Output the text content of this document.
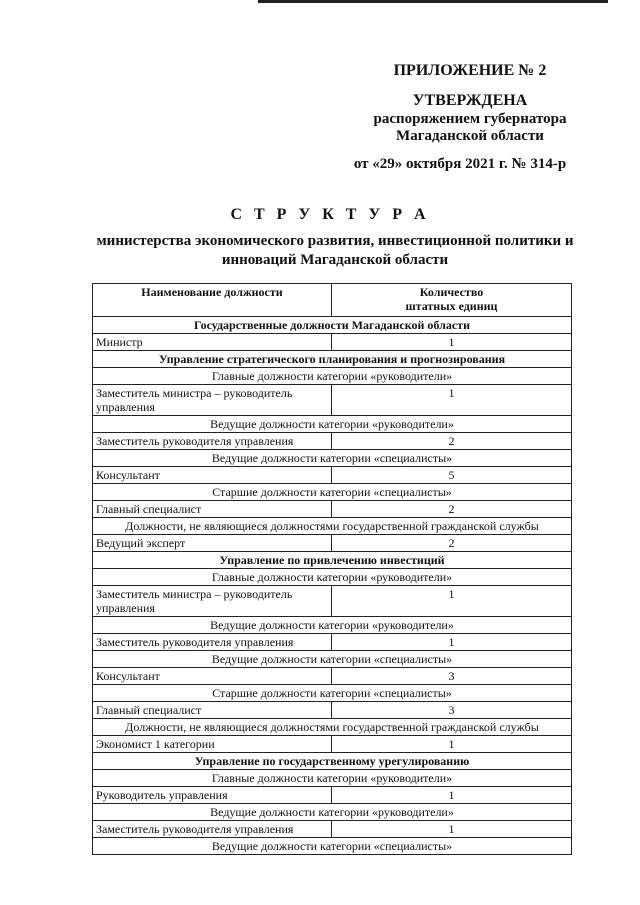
ПРИЛОЖЕНИЕ № 2
УТВЕРЖДЕНА
распоряжением губернатора
Магаданской области
от «29» октября 2021 г. № 314-р
С Т Р У К Т У Р А
министерства экономического развития, инвестиционной политики и
инноваций Магаданской области
Наименование должности	Количество
штатных единиц

Государственные должности Магаданской области	
Министр	1
Управление стратегического планирования и прогнозирования	
Главные должности категории «руководители»	
Заместитель министра – руководитель управления	1
Ведущие должности категории «руководители»	
Заместитель руководителя управления	2
Ведущие должности категории «специалисты»	
Консультант	5
Старшие должности категории «специалисты»	
Главный специалист	2
Должности, не являющиеся должностями государственной гражданской службы	
Ведущий эксперт	2
Управление по привлечению инвестиций	
Главные должности категории «руководители»	
Заместитель министра – руководитель управления	1
Ведущие должности категории «руководители»	
Заместитель руководителя управления	1
Ведущие должности категории «специалисты»	
Консультант	3
Старшие должности категории «специалисты»	
Главный специалист	3
Должности, не являющиеся должностями государственной гражданской службы	
Экономист 1 категории	1
Управление по государственному урегулированию	
Главные должности категории «руководители»	
Руководитель управления	1
Ведущие должности категории «руководители»	
Заместитель руководителя управления	1
Ведущие должности категории «специалисты»	
